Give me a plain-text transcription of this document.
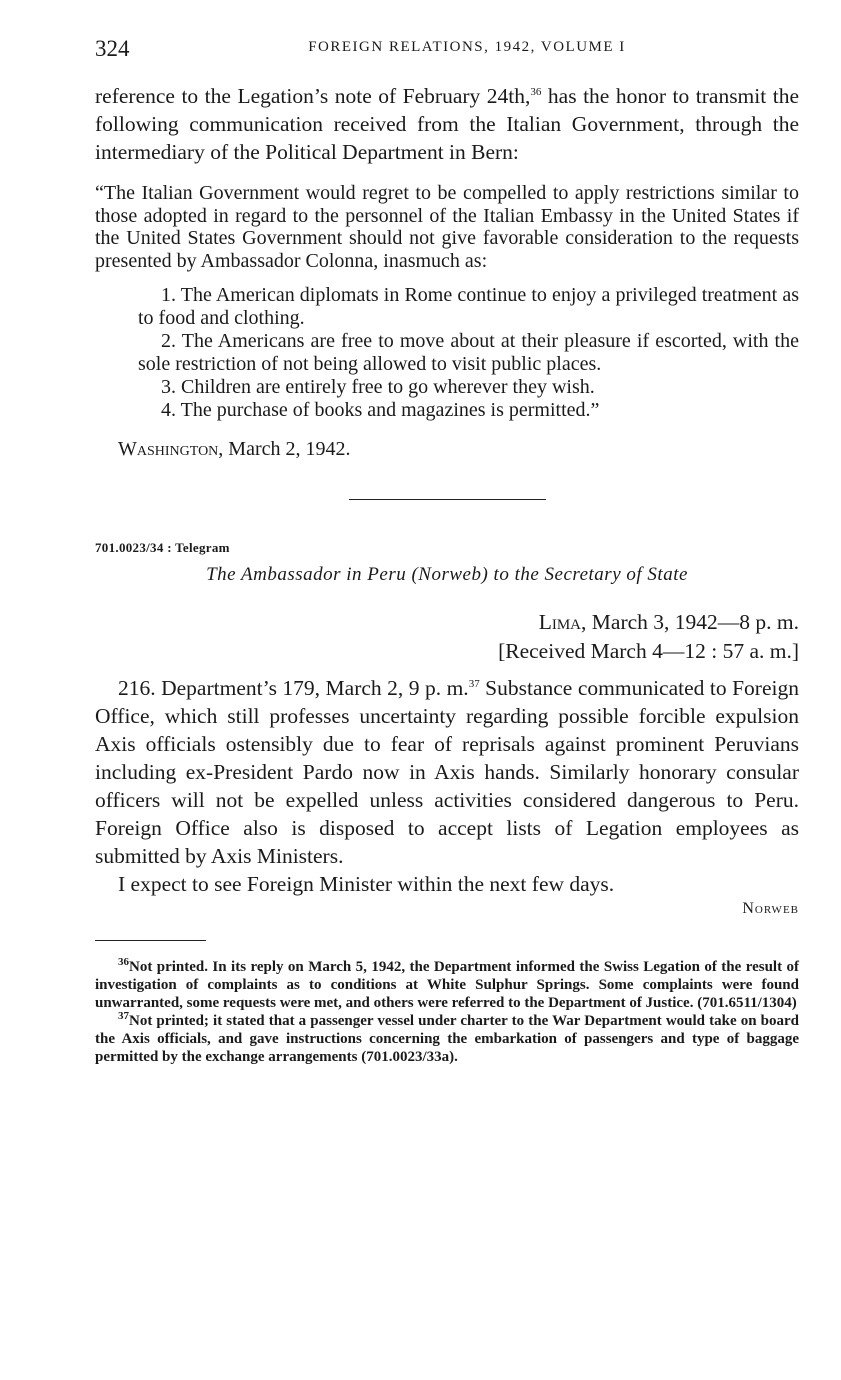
324	FOREIGN RELATIONS, 1942, VOLUME I

reference to the Legation’s note of February 24th,$^{36}$ has the honor to transmit the following communication received from the Italian Government, through the intermediary of the Political Department in Bern:

“The Italian Government would regret to be compelled to apply restrictions similar to those adopted in regard to the personnel of the Italian Embassy in the United States if the United States Government should not give favorable consideration to the requests presented by Ambassador Colonna, inasmuch as:

1. The American diplomats in Rome continue to enjoy a privileged treatment as to food and clothing.
2. The Americans are free to move about at their pleasure if escorted, with the sole restriction of not being allowed to visit public places.
3. Children are entirely free to go wherever they wish.
4. The purchase of books and magazines is permitted.”

Washington, March 2, 1942.

701.0023/34 : Telegram
The Ambassador in Peru (Norweb) to the Secretary of State
Lima, March 3, 1942—8 p. m.
[Received March 4—12 : 57 a. m.]

216. Department’s 179, March 2, 9 p. m.$^{37}$ Substance communicated to Foreign Office, which still professes uncertainty regarding possible forcible expulsion Axis officials ostensibly due to fear of reprisals against prominent Peruvians including ex-President Pardo now in Axis hands. Similarly honorary consular officers will not be expelled unless activities considered dangerous to Peru. Foreign Office also is disposed to accept lists of Legation employees as submitted by Axis Ministers.

I expect to see Foreign Minister within the next few days.

Norweb

$^{36}$Not printed. In its reply on March 5, 1942, the Department informed the Swiss Legation of the result of investigation of complaints as to conditions at White Sulphur Springs. Some complaints were found unwarranted, some requests were met, and others were referred to the Department of Justice. (701.6511/1304)

$^{37}$Not printed; it stated that a passenger vessel under charter to the War Department would take on board the Axis officials, and gave instructions concerning the embarkation of passengers and type of baggage permitted by the exchange arrangements (701.0023/33a).
